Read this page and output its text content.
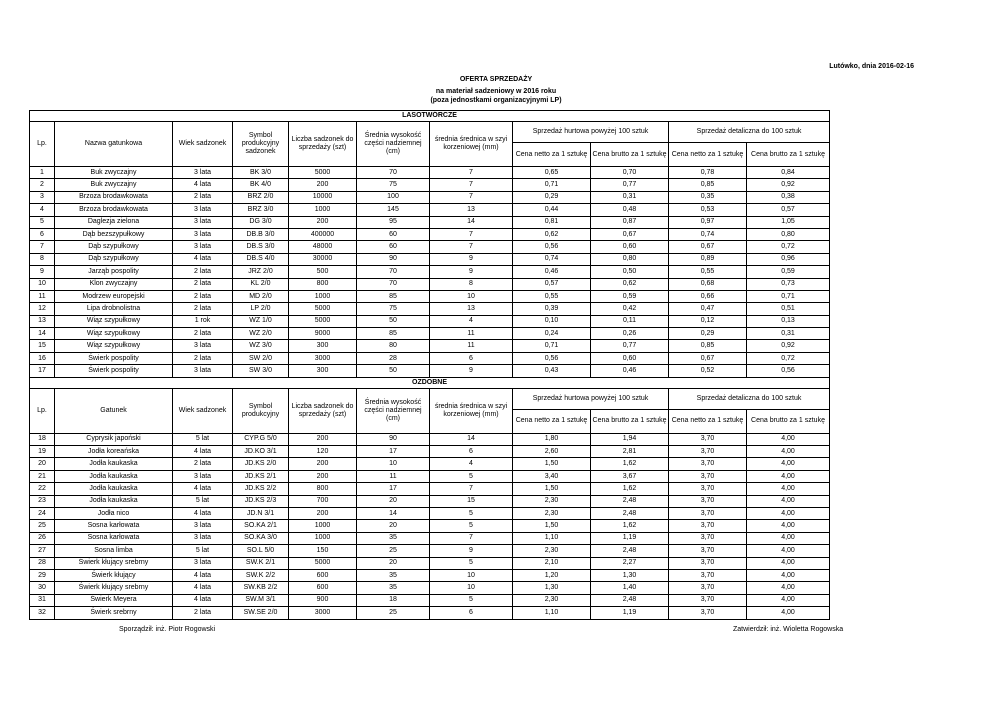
Lutówko, dnia 2016-02-16
OFERTA SPRZEDAŻY
na materiał sadzeniowy w 2016 roku
(poza jednostkami organizacyjnymi LP)
LASOTWÓRCZE										
Lp.	Nazwa gatunkowa	Wiek sadzonek	Symbol produkcyjny sadzonek	Liczba sadzonek do sprzedaży (szt)	Średnia wysokość części nadziemnej (cm)	średnia średnica w szyi korzeniowej (mm)	Sprzedaż hurtowa powyżej 100 sztuk		Sprzedaż detaliczna do 100 sztuk	
							Cena netto za 1 sztukę	Cena brutto za 1 sztukę	Cena netto za 1 sztukę	Cena brutto za 1 sztukę
1	Buk zwyczajny	3 lata	BK 3/0	5000	70	7	0,65	0,70	0,78	0,84
2	Buk zwyczajny	4 lata	BK 4/0	200	75	7	0,71	0,77	0,85	0,92
3	Brzoza brodawkowata	2 lata	BRZ 2/0	10000	100	7	0,29	0,31	0,35	0,38
4	Brzoza brodawkowata	3 lata	BRZ 3/0	1000	145	13	0,44	0,48	0,53	0,57
5	Daglezja zielona	3 lata	DG 3/0	200	95	14	0,81	0,87	0,97	1,05
6	Dąb bezszypułkowy	3 lata	DB.B 3/0	400000	60	7	0,62	0,67	0,74	0,80
7	Dąb szypułkowy	3 lata	DB.S 3/0	48000	60	7	0,56	0,60	0,67	0,72
8	Dąb szypułkowy	4 lata	DB.S 4/0	30000	90	9	0,74	0,80	0,89	0,96
9	Jarząb pospolity	2 lata	JRZ 2/0	500	70	9	0,46	0,50	0,55	0,59
10	Klon zwyczajny	2 lata	KL 2/0	800	70	8	0,57	0,62	0,68	0,73
11	Modrzew europejski	2 lata	MD 2/0	1000	85	10	0,55	0,59	0,66	0,71
12	Lipa drobnolistna	2 lata	LP 2/0	5000	75	13	0,39	0,42	0,47	0,51
13	Wiąz szypułkowy	1 rok	WZ 1/0	5000	50	4	0,10	0,11	0,12	0,13
14	Wiąz szypułkowy	2 lata	WZ 2/0	9000	85	11	0,24	0,26	0,29	0,31
15	Wiąz szypułkowy	3 lata	WZ 3/0	300	80	11	0,71	0,77	0,85	0,92
16	Świerk pospolity	2 lata	SW 2/0	3000	28	6	0,56	0,60	0,67	0,72
17	Świerk pospolity	3 lata	SW 3/0	300	50	9	0,43	0,46	0,52	0,56
OZDOBNE										
Lp.	Gatunek	Wiek sadzonek	Symbol produkcyjny	Liczba sadzonek do sprzedaży (szt)	Średnia wysokość części nadziemnej (cm)	średnia średnica w szyi korzeniowej (mm)	Sprzedaż hurtowa powyżej 100 sztuk		Sprzedaż detaliczna do 100 sztuk	
							Cena netto za 1 sztukę	Cena brutto za 1 sztukę	Cena netto za 1 sztukę	Cena brutto za 1 sztukę
18	Cyprysik japoński	5 lat	CYP.G 5/0	200	90	14	1,80	1,94	3,70	4,00
19	Jodła koreańska	4 lata	JD.KO 3/1	120	17	6	2,60	2,81	3,70	4,00
20	Jodła kaukaska	2 lata	JD.KS 2/0	200	10	4	1,50	1,62	3,70	4,00
21	Jodła kaukaska	3 lata	JD.KS 2/1	200	11	5	3,40	3,67	3,70	4,00
22	Jodła kaukaska	4 lata	JD.KS 2/2	800	17	7	1,50	1,62	3,70	4,00
23	Jodła kaukaska	5 lat	JD.KS 2/3	700	20	15	2,30	2,48	3,70	4,00
24	Jodła nico	4 lata	JD.N 3/1	200	14	5	2,30	2,48	3,70	4,00
25	Sosna karłowata	3 lata	SO.KA 2/1	1000	20	5	1,50	1,62	3,70	4,00
26	Sosna karłowata	3 lata	SO.KA 3/0	1000	35	7	1,10	1,19	3,70	4,00
27	Sosna limba	5 lat	SO.L 5/0	150	25	9	2,30	2,48	3,70	4,00
28	Świerk kłujący srebrny	3 lata	SW.K 2/1	5000	20	5	2,10	2,27	3,70	4,00
29	Świerk kłujący	4 lata	SW.K 2/2	600	35	10	1,20	1,30	3,70	4,00
30	Świerk kłujący srebrny	4 lata	SW.KB 2/2	600	35	10	1,30	1,40	3,70	4,00
31	Świerk Meyera	4 lata	SW.M 3/1	900	18	5	2,30	2,48	3,70	4,00
32	Świerk srebrny	2 lata	SW.SE 2/0	3000	25	6	1,10	1,19	3,70	4,00
Sporządził: inż. Piotr Rogowski	Zatwierdził: inż. Wioletta Rogowska
